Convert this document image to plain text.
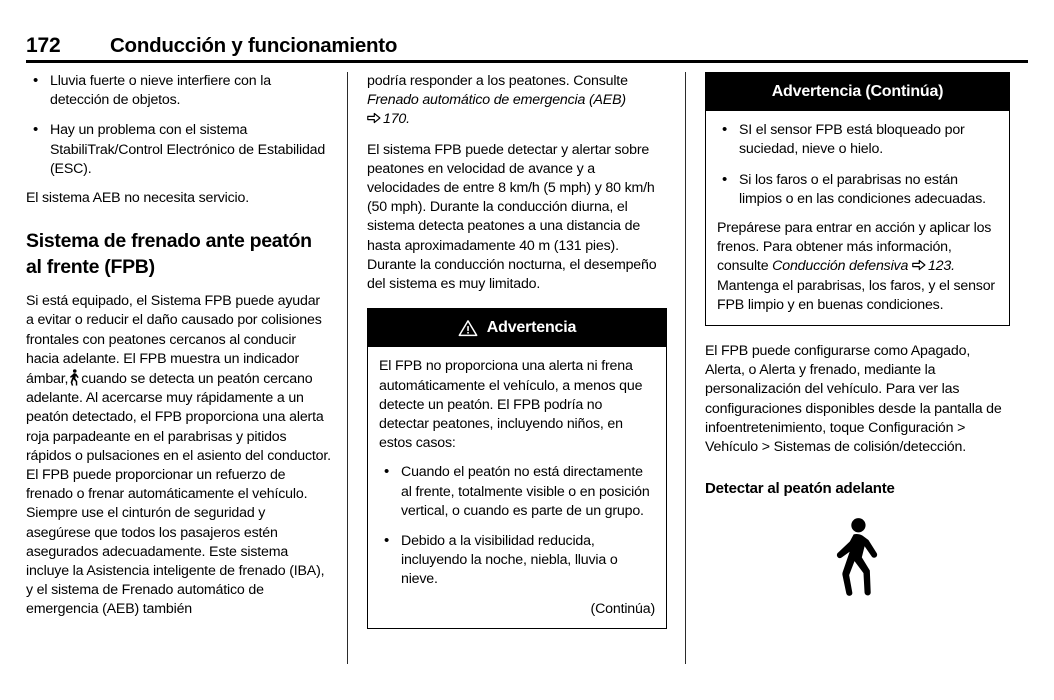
172	Conducción y funcionamiento
• Lluvia fuerte o nieve interfiere con la detección de objetos.
• Hay un problema con el sistema StabiliTrak/Control Electrónico de Estabilidad (ESC).

El sistema AEB no necesita servicio.

Sistema de frenado ante peatón al frente (FPB)

Si está equipado, el Sistema FPB puede ayudar a evitar o reducir el daño causado por colisiones frontales con peatones cercanos al conducir hacia adelante. El FPB muestra un indicador ámbar, cuando se detecta un peatón cercano adelante. Al acercarse muy rápidamente a un peatón detectado, el FPB proporciona una alerta roja parpadeante en el parabrisas y pitidos rápidos o pulsaciones en el asiento del conductor. El FPB puede proporcionar un refuerzo de frenado o frenar automáticamente el vehículo. Siempre use el cinturón de seguridad y asegúrese que todos los pasajeros estén asegurados adecuadamente. Este sistema incluye la Asistencia inteligente de frenado (IBA), y el sistema de Frenado automático de emergencia (AEB) también

podría responder a los peatones. Consulte Frenado automático de emergencia (AEB)
170.

El sistema FPB puede detectar y alertar sobre peatones en velocidad de avance y a velocidades de entre 8 km/h (5 mph) y 80 km/h (50 mph). Durante la conducción diurna, el sistema detecta peatones a una distancia de hasta aproximadamente 40 m (131 pies). Durante la conducción nocturna, el desempeño del sistema es muy limitado.

Advertencia

El FPB no proporciona una alerta ni frena automáticamente el vehículo, a menos que detecte un peatón. El FPB podría no detectar peatones, incluyendo niños, en estos casos:

• Cuando el peatón no está directamente al frente, totalmente visible o en posición vertical, o cuando es parte de un grupo.
• Debido a la visibilidad reducida, incluyendo la noche, niebla, lluvia o nieve.

(Continúa)

Advertencia (Continúa)
• SI el sensor FPB está bloqueado por suciedad, nieve o hielo.
• Si los faros o el parabrisas no están limpios o en las condiciones adecuadas.

Prepárese para entrar en acción y aplicar los frenos. Para obtener más información, consulte Conducción defensiva 123. Mantenga el parabrisas, los faros, y el sensor FPB limpio y en buenas condiciones.

El FPB puede configurarse como Apagado, Alerta, o Alerta y frenado, mediante la personalización del vehículo. Para ver las configuraciones disponibles desde la pantalla de infoentretenimiento, toque Configuración > Vehículo > Sistemas de colisión/detección.

Detectar al peatón adelante
